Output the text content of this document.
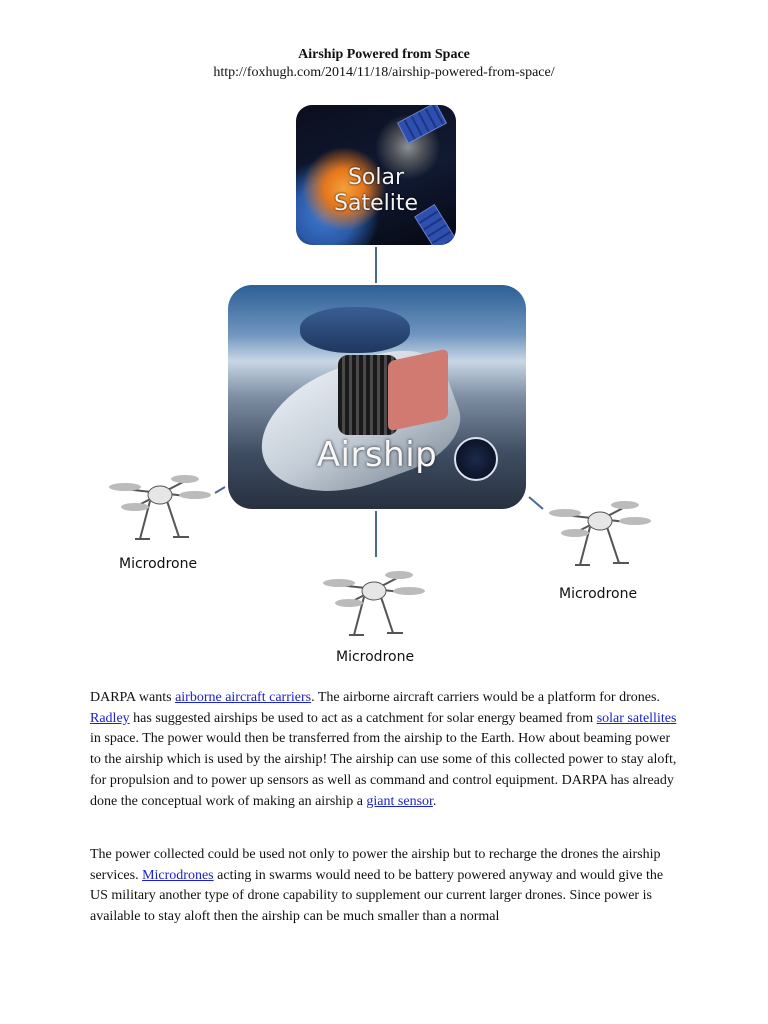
Airship Powered from Space
http://foxhugh.com/2014/11/18/airship-powered-from-space/
Solar Satelite
Airship
Microdrone
Microdrone
Microdrone
DARPA wants airborne aircraft carriers. The airborne aircraft carriers would be a platform for drones. Radley has suggested airships be used to act as a catchment for solar energy beamed from solar satellites in space. The power would then be transferred from the airship to the Earth. How about beaming power to the airship which is used by the airship! The airship can use some of this collected power to stay aloft, for propulsion and to power up sensors as well as command and control equipment. DARPA has already done the conceptual work of making an airship a giant sensor.
The power collected could be used not only to power the airship but to recharge the drones the airship services. Microdrones acting in swarms would need to be battery powered anyway and would give the US military another type of drone capability to supplement our current larger drones. Since power is available to stay aloft then the airship can be much smaller than a normal
